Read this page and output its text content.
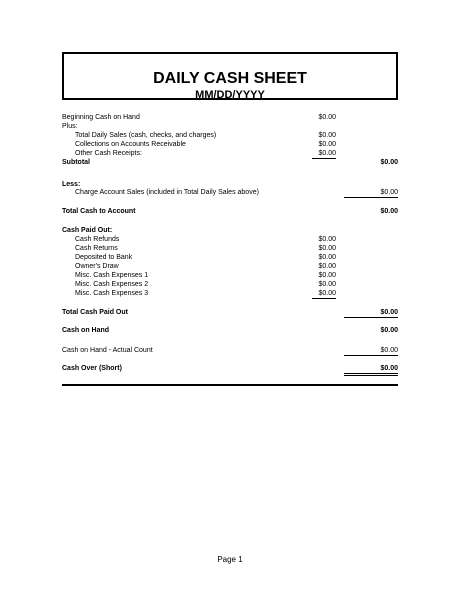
DAILY CASH SHEET
MM/DD/YYYY
Beginning Cash on Hand	$0.00
Plus:
Total Daily Sales (cash, checks, and charges)	$0.00
Collections on Accounts Receivable	$0.00
Other Cash Receipts:	$0.00
Subtotal	$0.00
Less:
Charge Account Sales (included in Total Daily Sales above)	$0.00
Total Cash to Account	$0.00
Cash Paid Out:
Cash Refunds	$0.00
Cash Returns	$0.00
Deposited to Bank	$0.00
Owner's Draw	$0.00
Misc. Cash Expenses 1	$0.00
Misc. Cash Expenses 2	$0.00
Misc. Cash Expenses 3	$0.00
Total Cash Paid Out	$0.00
Cash on Hand	$0.00
Cash on Hand - Actual Count	$0.00
Cash Over (Short)	$0.00
Page 1
